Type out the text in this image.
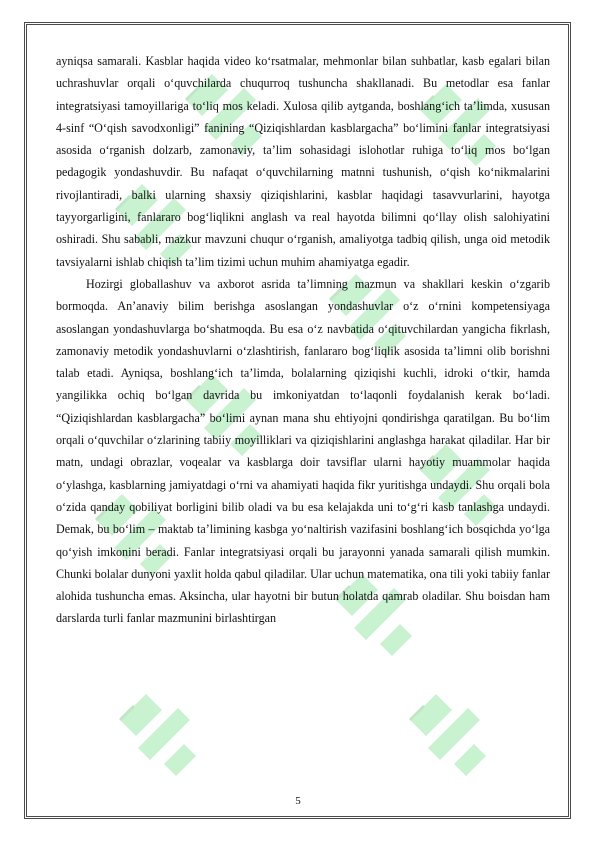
ayniqsa samarali. Kasblar haqida video ko‘rsatmalar, mehmonlar bilan suhbatlar, kasb egalari bilan uchrashuvlar orqali o‘quvchilarda chuqurroq tushuncha shakllanadi. Bu metodlar esa fanlar integratsiyasi tamoyillariga to‘liq mos keladi. Xulosa qilib aytganda, boshlang‘ich ta’limda, xususan 4-sinf “O‘qish savodxonligi” fanining “Qiziqishlardan kasblargacha” bo‘limini fanlar integratsiyasi asosida o‘rganish dolzarb, zamonaviy, ta’lim sohasidagi islohotlar ruhiga to‘liq mos bo‘lgan pedagogik yondashuvdir. Bu nafaqat o‘quvchilarning matnni tushunish, o‘qish ko‘nikmalarini rivojlantiradi, balki ularning shaxsiy qiziqishlarini, kasblar haqidagi tasavvurlarini, hayotga tayyorgarligini, fanlararo bog‘liqlikni anglash va real hayotda bilimni qo‘llay olish salohiyatini oshiradi. Shu sababli, mazkur mavzuni chuqur o‘rganish, amaliyotga tadbiq qilish, unga oid metodik tavsiyalarni ishlab chiqish ta’lim tizimi uchun muhim ahamiyatga egadir.

Hozirgi globallashuv va axborot asrida ta’limning mazmun va shakllari keskin o‘zgarib bormoqda. An’anaviy bilim berishga asoslangan yondashuvlar o‘z o‘rnini kompetensiyaga asoslangan yondashuvlarga bo‘shatmoqda. Bu esa o‘z navbatida o‘qituvchilardan yangicha fikrlash, zamonaviy metodik yondashuvlarni o‘zlashtirish, fanlararo bog‘liqlik asosida ta’limni olib borishni talab etadi. Ayniqsa, boshlang‘ich ta’limda, bolalarning qiziqishi kuchli, idroki o‘tkir, hamda yangilikka ochiq bo‘lgan davrida bu imkoniyatdan to‘laqonli foydalanish kerak bo‘ladi. “Qiziqishlardan kasblargacha” bo‘limi aynan mana shu ehtiyojni qondirishga qaratilgan. Bu bo‘lim orqali o‘quvchilar o‘zlarining tabiiy moyilliklari va qiziqishlarini anglashga harakat qiladilar. Har bir matn, undagi obrazlar, voqealar va kasblarga doir tavsiflar ularni hayotiy muammolar haqida o‘ylashga, kasblarning jamiyatdagi o‘rni va ahamiyati haqida fikr yuritishga undaydi. Shu orqali bola o‘zida qanday qobiliyat borligini bilib oladi va bu esa kelajakda uni to‘g‘ri kasb tanlashga undaydi. Demak, bu bo‘lim – maktab ta’limining kasbga yo‘naltirish vazifasini boshlang‘ich bosqichda yo‘lga qo‘yish imkonini beradi. Fanlar integratsiyasi orqali bu jarayonni yanada samarali qilish mumkin. Chunki bolalar dunyoni yaxlit holda qabul qiladilar. Ular uchun matematika, ona tili yoki tabiiy fanlar alohida tushuncha emas. Aksincha, ular hayotni bir butun holatda qamrab oladilar. Shu boisdan ham darslarda turli fanlar mazmunini birlashtirgan

5
